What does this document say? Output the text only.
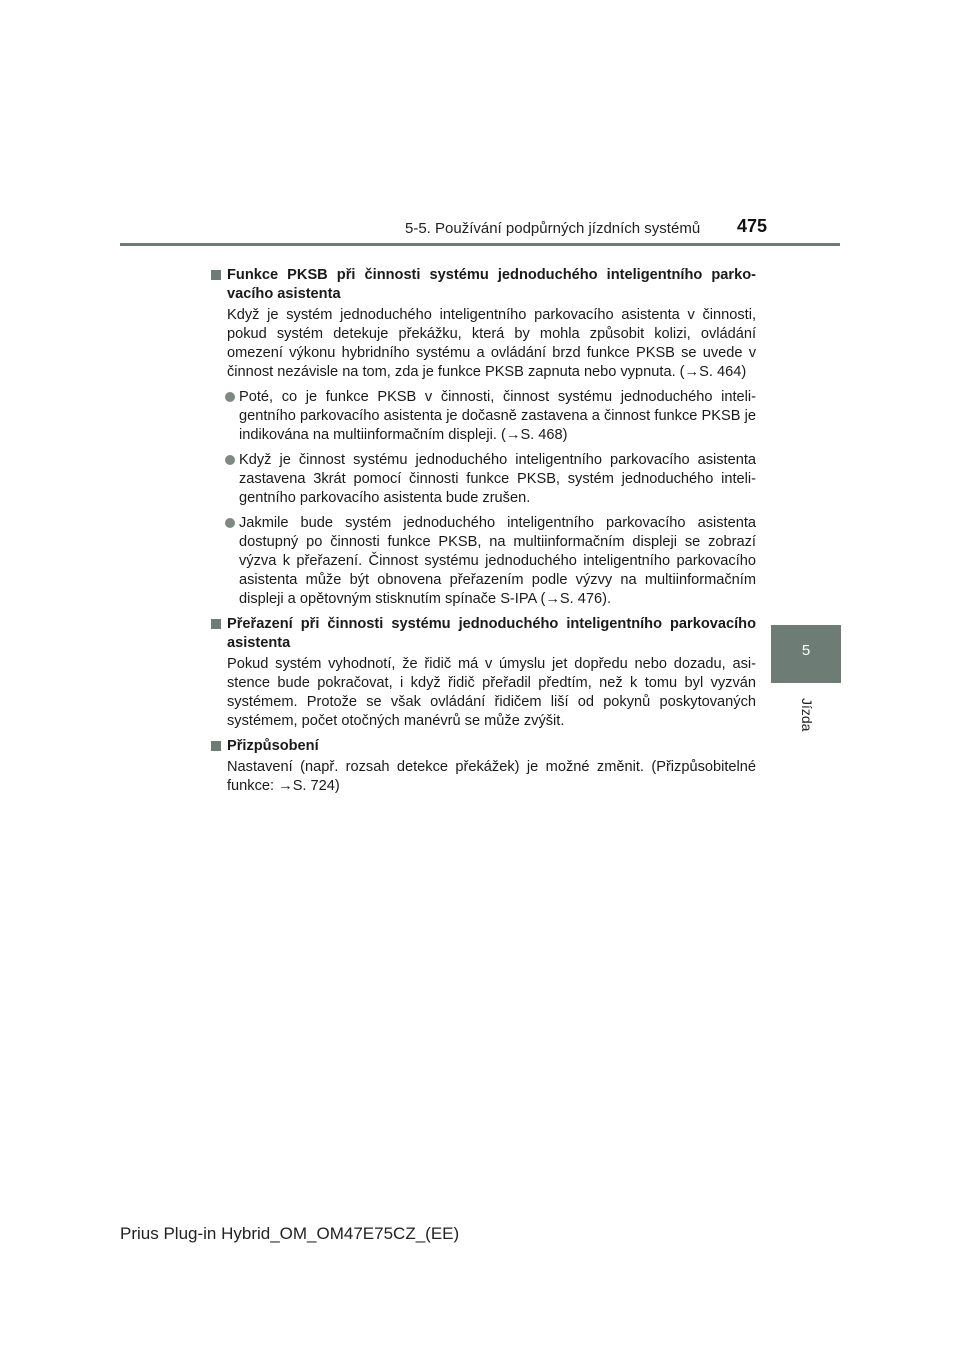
5-5. Používání podpůrných jízdních systémů 475
5
Jízda
Funkce PKSB při činnosti systému jednoduchého inteligentního parko-vacího asistenta
Když je systém jednoduchého inteligentního parkovacího asistenta v činnosti, pokud systém detekuje překážku, která by mohla způsobit kolizi, ovládání omezení výkonu hybridního systému a ovládání brzd funkce PKSB se uvede v činnost nezávisle na tom, zda je funkce PKSB zapnuta nebo vypnuta. (→S. 464)
Poté, co je funkce PKSB v činnosti, činnost systému jednoduchého inteli-gentního parkovacího asistenta je dočasně zastavena a činnost funkce PKSB je indikována na multiinformačním displeji. (→S. 468)
Když je činnost systému jednoduchého inteligentního parkovacího asistenta zastavena 3krát pomocí činnosti funkce PKSB, systém jednoduchého inteli-gentního parkovacího asistenta bude zrušen.
Jakmile bude systém jednoduchého inteligentního parkovacího asistenta dostupný po činnosti funkce PKSB, na multiinformačním displeji se zobrazí výzva k přeřazení. Činnost systému jednoduchého inteligentního parkovacího asistenta může být obnovena přeřazením podle výzvy na multiinformačním displeji a opětovným stisknutím spínače S-IPA (→S. 476).
Přeřazení při činnosti systému jednoduchého inteligentního parkovacího asistenta
Pokud systém vyhodnotí, že řidič má v úmyslu jet dopředu nebo dozadu, asi-stence bude pokračovat, i když řidič přeřadil předtím, než k tomu byl vyzván systémem. Protože se však ovládání řidičem liší od pokynů poskytovaných systémem, počet otočných manévrů se může zvýšit.
Přizpůsobení
Nastavení (např. rozsah detekce překážek) je možné změnit. (Přizpůsobitelné funkce: →S. 724)
Prius Plug-in Hybrid_OM_OM47E75CZ_(EE)
